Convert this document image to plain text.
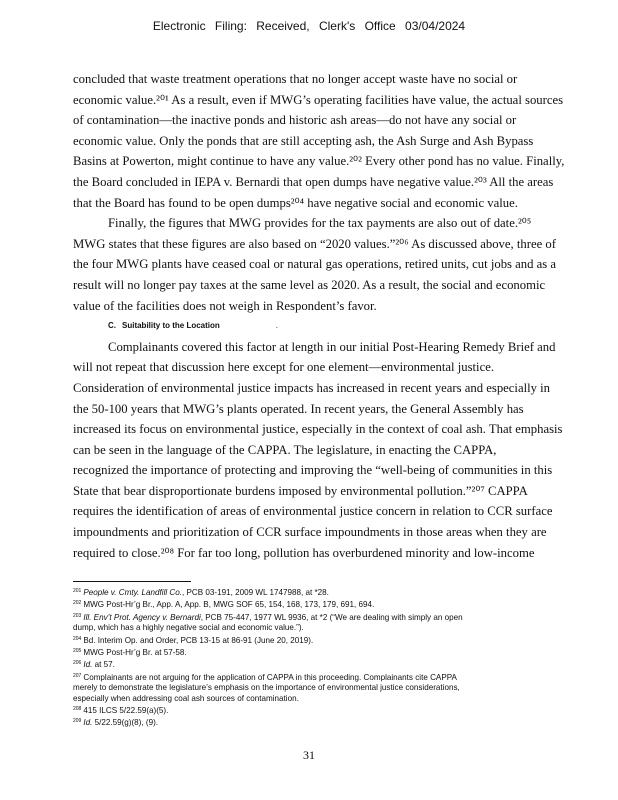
Electronic Filing: Received, Clerk's Office 03/04/2024

concluded that waste treatment operations that no longer accept waste have no social or

economic value.²⁰¹ As a result, even if MWG’s operating facilities have value, the actual sources

of contamination—the inactive ponds and historic ash areas—do not have any social or

economic value. Only the ponds that are still accepting ash, the Ash Surge and Ash Bypass

Basins at Powerton, might continue to have any value.²⁰² Every other pond has no value. Finally,

the Board concluded in IEPA v. Bernardi that open dumps have negative value.²⁰³ All the areas

that the Board has found to be open dumps²⁰⁴ have negative social and economic value.

Finally, the figures that MWG provides for the tax payments are also out of date.²⁰⁵

MWG states that these figures are also based on “2020 values.”²⁰⁶ As discussed above, three of

the four MWG plants have ceased coal or natural gas operations, retired units, cut jobs and as a

result will no longer pay taxes at the same level as 2020. As a result, the social and economic

value of the facilities does not weigh in Respondent’s favor.

C. Suitability to the Location	.

Complainants covered this factor at length in our initial Post-Hearing Remedy Brief and

will not repeat that discussion here except for one element—environmental justice.

Consideration of environmental justice impacts has increased in recent years and especially in

the 50-100 years that MWG’s plants operated. In recent years, the General Assembly has

increased its focus on environmental justice, especially in the context of coal ash. That emphasis

can be seen in the language of the CAPPA. The legislature, in enacting the CAPPA,

recognized the importance of protecting and improving the “well-being of communities in this

State that bear disproportionate burdens imposed by environmental pollution.”²⁰⁷ CAPPA

requires the identification of areas of environmental justice concern in relation to CCR surface

impoundments and prioritization of CCR surface impoundments in those areas when they are

required to close.²⁰⁸ For far too long, pollution has overburdened minority and low-income

$^{201}$ People v. Cmty. Landfill Co., PCB 03-191, 2009 WL 1747988, at *28.
$^{202}$ MWG Post-Hr’g Br., App. A, App. B, MWG SOF 65, 154, 168, 173, 179, 691, 694.
$^{203}$ Ill. Env’t Prot. Agency v. Bernardi, PCB 75-447, 1977 WL 9936, at *2 (“We are dealing with simply an open
dump, which has a highly negative social and economic value.”).
$^{204}$ Bd. Interim Op. and Order, PCB 13-15 at 86-91 (June 20, 2019).
$^{205}$ MWG Post-Hr’g Br. at 57-58.
$^{206}$ Id. at 57.
$^{207}$ Complainants are not arguing for the application of CAPPA in this proceeding. Complainants cite CAPPA
merely to demonstrate the legislature’s emphasis on the importance of environmental justice considerations,
especially when addressing coal ash sources of contamination.
$^{208}$ 415 ILCS 5/22.59(a)(5).
$^{209}$ Id. 5/22.59(g)(8), (9).
31
